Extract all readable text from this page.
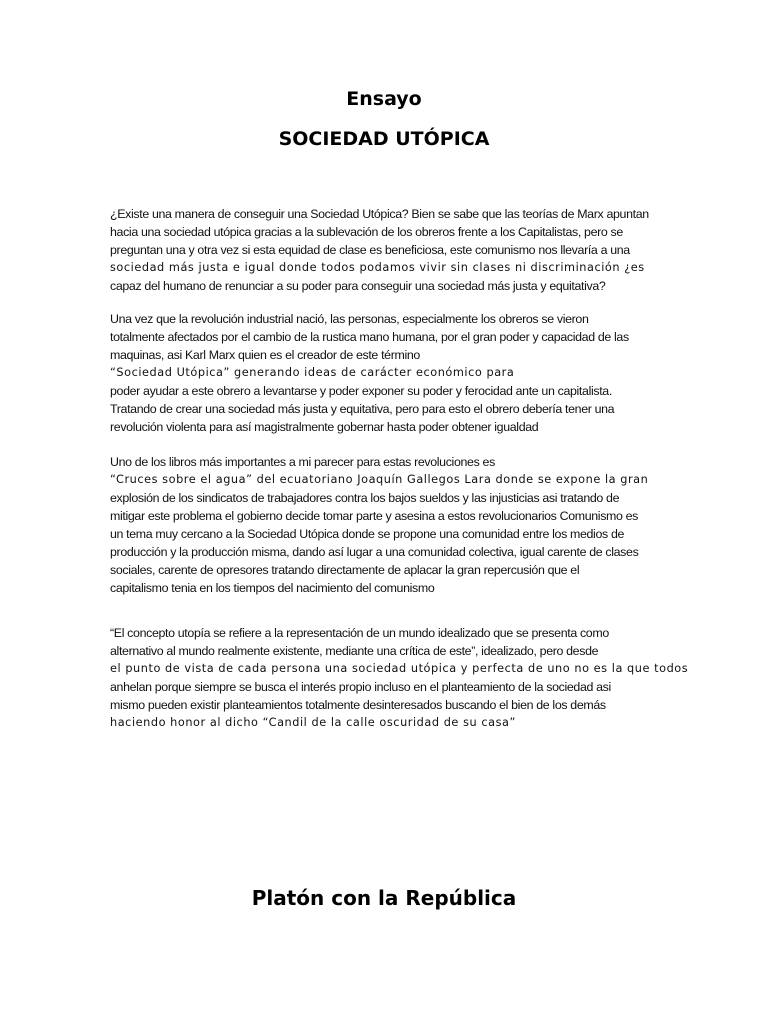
Ensayo
SOCIEDAD UTÓPICA
¿Existe una manera de conseguir una Sociedad Utópica? Bien se sabe que las teorías de Marx apuntan
hacia una sociedad utópica gracias a la sublevación de los obreros frente a los Capitalistas, pero se
preguntan una y otra vez si esta equidad de clase es beneficiosa, este comunismo nos llevaría a una
sociedad más justa e igual donde todos podamos vivir sin clases ni discriminación ¿es
capaz del humano de renunciar a su poder para conseguir una sociedad más justa y equitativa?
Una vez que la revolución industrial nació, las personas, especialmente los obreros se vieron
totalmente afectados por el cambio de la rustica mano humana, por el gran poder y capacidad de las
maquinas, asi Karl Marx quien es el creador de este término
“Sociedad Utópica” generando ideas de carácter económico para
poder ayudar a este obrero a levantarse y poder exponer su poder y ferocidad ante un capitalista.
Tratando de crear una sociedad más justa y equitativa, pero para esto el obrero debería tener una
revolución violenta para así magistralmente gobernar hasta poder obtener igualdad
Uno de los libros más importantes a mi parecer para estas revoluciones es
“Cruces sobre el agua” del ecuatoriano Joaquín Gallegos Lara donde se expone la gran
explosión de los sindicatos de trabajadores contra los bajos sueldos y las injusticias asi tratando de
mitigar este problema el gobierno decide tomar parte y asesina a estos revolucionarios Comunismo es
un tema muy cercano a la Sociedad Utópica donde se propone una comunidad entre los medios de
producción y la producción misma, dando así lugar a una comunidad colectiva, igual carente de clases
sociales, carente de opresores tratando directamente de aplacar la gran repercusión que el
capitalismo tenia en los tiempos del nacimiento del comunismo
“El concepto utopía se refiere a la representación de un mundo idealizado que se presenta como
alternativo al mundo realmente existente, mediante una crítica de este”, idealizado, pero desde
el punto de vista de cada persona una sociedad utópica y perfecta de uno no es la que todos
anhelan porque siempre se busca el interés propio incluso en el planteamiento de la sociedad asi
mismo pueden existir planteamientos totalmente desinteresados buscando el bien de los demás
haciendo honor al dicho “Candil de la calle oscuridad de su casa”
Platón con la República
